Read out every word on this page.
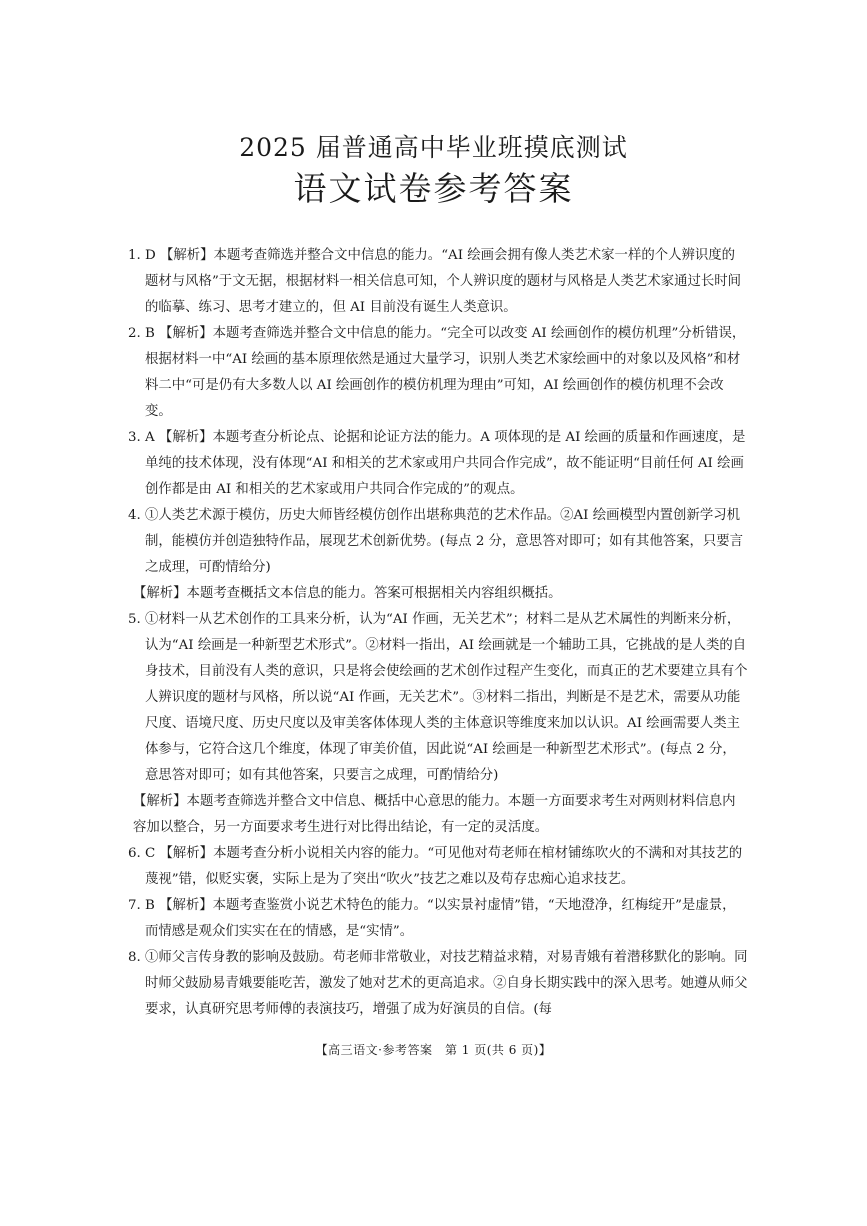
2025 届普通高中毕业班摸底测试
语文试卷参考答案
1. D 【解析】本题考查筛选并整合文中信息的能力。“AI 绘画会拥有像人类艺术家一样的个人辨识度的题材与风格”于文无据，根据材料一相关信息可知，个人辨识度的题材与风格是人类艺术家通过长时间的临摹、练习、思考才建立的，但 AI 目前没有诞生人类意识。
2. B 【解析】本题考查筛选并整合文中信息的能力。“完全可以改变 AI 绘画创作的模仿机理”分析错误，根据材料一中“AI 绘画的基本原理依然是通过大量学习，识别人类艺术家绘画中的对象以及风格”和材料二中“可是仍有大多数人以 AI 绘画创作的模仿机理为理由”可知，AI 绘画创作的模仿机理不会改变。
3. A 【解析】本题考查分析论点、论据和论证方法的能力。A 项体现的是 AI 绘画的质量和作画速度，是单纯的技术体现，没有体现“AI 和相关的艺术家或用户共同合作完成”，故不能证明“目前任何 AI 绘画创作都是由 AI 和相关的艺术家或用户共同合作完成的”的观点。
4. ①人类艺术源于模仿，历史大师皆经模仿创作出堪称典范的艺术作品。②AI 绘画模型内置创新学习机制，能模仿并创造独特作品，展现艺术创新优势。(每点 2 分，意思答对即可；如有其他答案，只要言之成理，可酌情给分)
【解析】本题考查概括文本信息的能力。答案可根据相关内容组织概括。
5. ①材料一从艺术创作的工具来分析，认为“AI 作画，无关艺术”；材料二是从艺术属性的判断来分析，认为“AI 绘画是一种新型艺术形式”。②材料一指出，AI 绘画就是一个辅助工具，它挑战的是人类的自身技术，目前没有人类的意识，只是将会使绘画的艺术创作过程产生变化，而真正的艺术要建立具有个人辨识度的题材与风格，所以说“AI 作画，无关艺术”。③材料二指出，判断是不是艺术，需要从功能尺度、语境尺度、历史尺度以及审美客体体现人类的主体意识等维度来加以认识。AI 绘画需要人类主体参与，它符合这几个维度，体现了审美价值，因此说“AI 绘画是一种新型艺术形式”。(每点 2 分，意思答对即可；如有其他答案，只要言之成理，可酌情给分)
【解析】本题考查筛选并整合文中信息、概括中心意思的能力。本题一方面要求考生对两则材料信息内容加以整合，另一方面要求考生进行对比得出结论，有一定的灵活度。
6. C 【解析】本题考查分析小说相关内容的能力。“可见他对苟老师在棺材铺练吹火的不满和对其技艺的蔑视”错，似贬实褒，实际上是为了突出“吹火”技艺之难以及苟存忠痴心追求技艺。
7. B 【解析】本题考查鉴赏小说艺术特色的能力。“以实景衬虚情”错，“天地澄净，红梅绽开”是虚景，而情感是观众们实实在在的情感，是“实情”。
8. ①师父言传身教的影响及鼓励。苟老师非常敬业，对技艺精益求精，对易青娥有着潜移默化的影响。同时师父鼓励易青娥要能吃苦，激发了她对艺术的更高追求。②自身长期实践中的深入思考。她遵从师父要求，认真研究思考师傅的表演技巧，增强了成为好演员的自信。(每
【高三语文·参考答案　第 1 页(共 6 页)】
